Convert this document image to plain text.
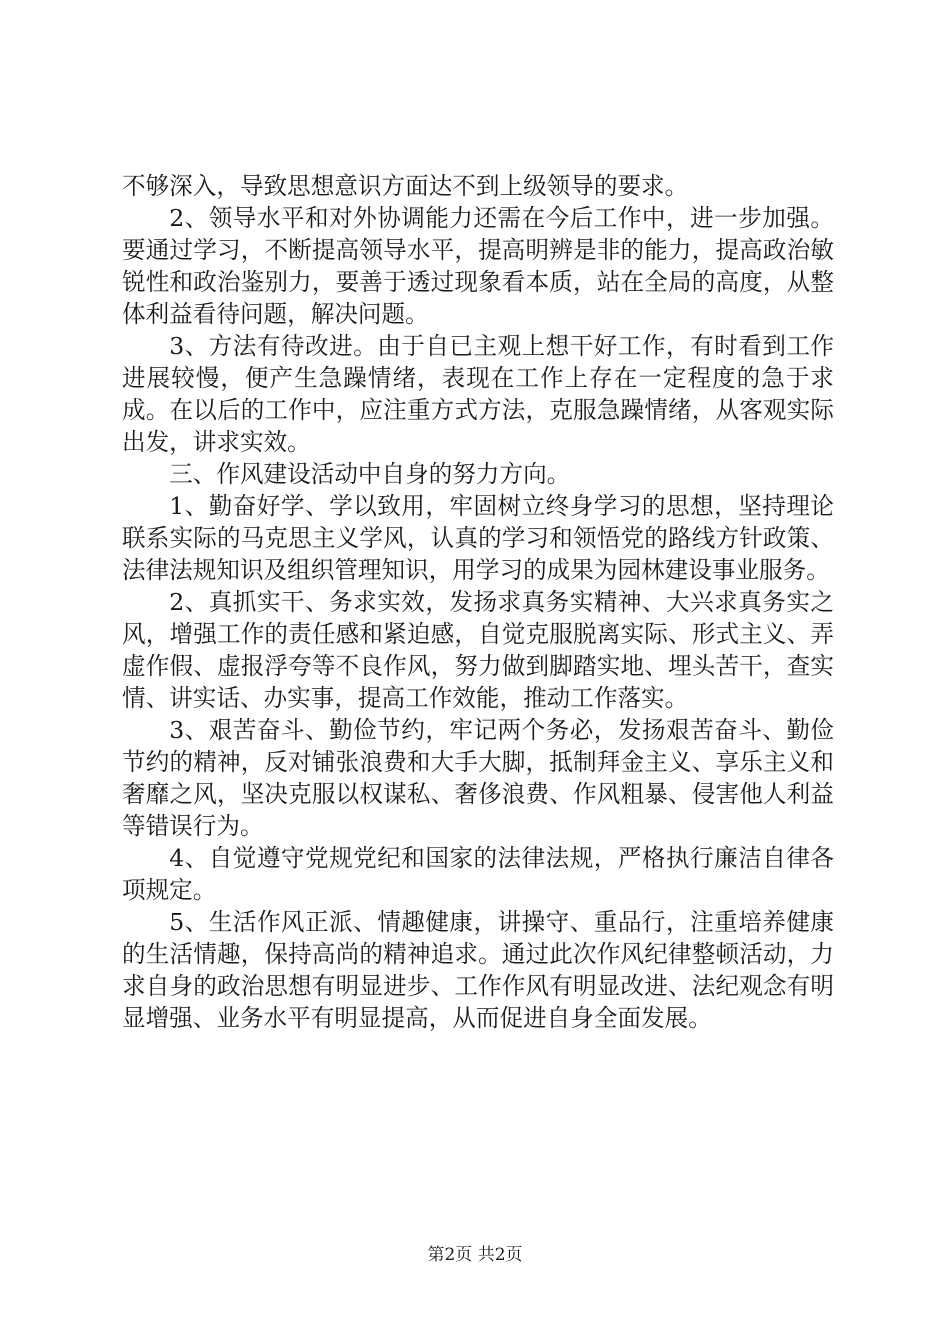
不够深入，导致思想意识方面达不到上级领导的要求。

2、领导水平和对外协调能力还需在今后工作中，进一步加强。要通过学习，不断提高领导水平，提高明辨是非的能力，提高政治敏锐性和政治鉴别力，要善于透过现象看本质，站在全局的高度，从整体利益看待问题，解决问题。

3、方法有待改进。由于自已主观上想干好工作，有时看到工作进展较慢，便产生急躁情绪，表现在工作上存在一定程度的急于求成。在以后的工作中，应注重方式方法，克服急躁情绪，从客观实际出发，讲求实效。

三、作风建设活动中自身的努力方向。

1、勤奋好学、学以致用，牢固树立终身学习的思想，坚持理论联系实际的马克思主义学风，认真的学习和领悟党的路线方针政策、法律法规知识及组织管理知识，用学习的成果为园林建设事业服务。

2、真抓实干、务求实效，发扬求真务实精神、大兴求真务实之风，增强工作的责任感和紧迫感，自觉克服脱离实际、形式主义、弄虚作假、虚报浮夸等不良作风，努力做到脚踏实地、埋头苦干，查实情、讲实话、办实事，提高工作效能，推动工作落实。

3、艰苦奋斗、勤俭节约，牢记两个务必，发扬艰苦奋斗、勤俭节约的精神，反对铺张浪费和大手大脚，抵制拜金主义、享乐主义和奢靡之风，坚决克服以权谋私、奢侈浪费、作风粗暴、侵害他人利益等错误行为。

4、自觉遵守党规党纪和国家的法律法规，严格执行廉洁自律各项规定。

5、生活作风正派、情趣健康，讲操守、重品行，注重培养健康的生活情趣，保持高尚的精神追求。通过此次作风纪律整顿活动，力求自身的政治思想有明显进步、工作作风有明显改进、法纪观念有明显增强、业务水平有明显提高，从而促进自身全面发展。

第2页 共2页
